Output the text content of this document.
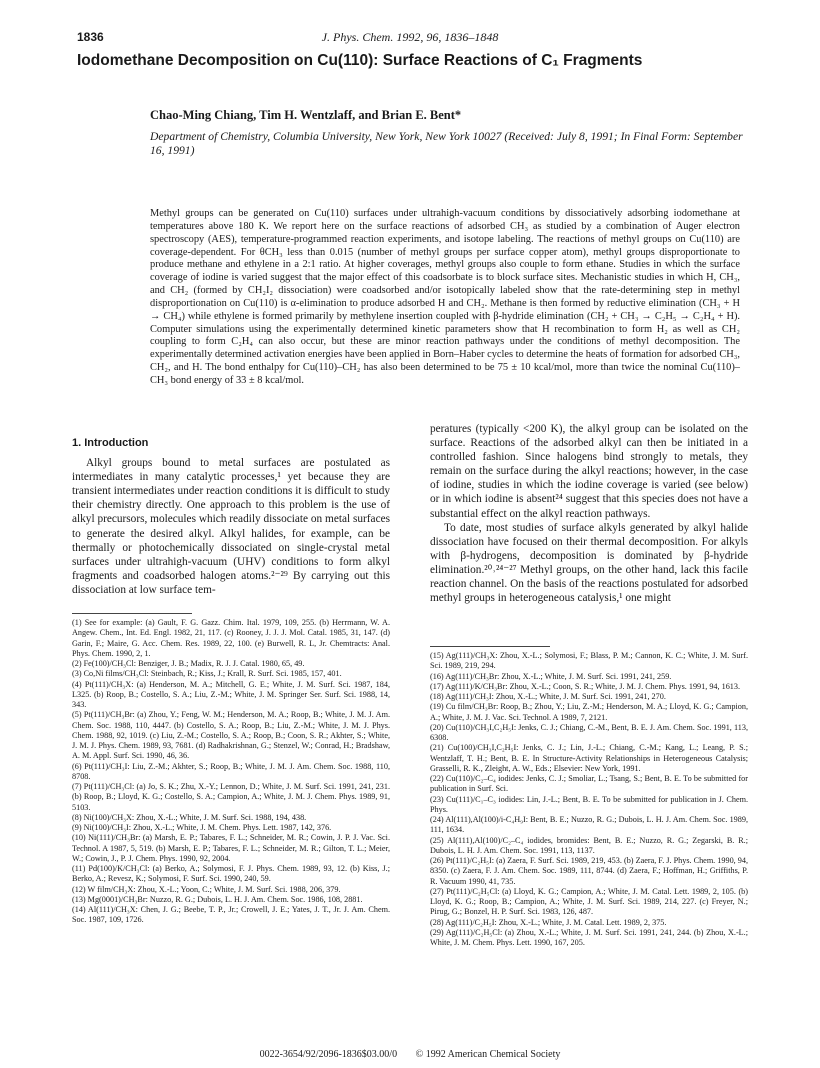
1836	J. Phys. Chem. 1992, 96, 1836–1848
Iodomethane Decomposition on Cu(110): Surface Reactions of C₁ Fragments

Chao-Ming Chiang, Tim H. Wentzlaff, and Brian E. Bent*

Department of Chemistry, Columbia University, New York, New York 10027 (Received: July 8, 1991; In Final Form: September 16, 1991)

Methyl groups can be generated on Cu(110) surfaces under ultrahigh-vacuum conditions by dissociatively adsorbing iodomethane at temperatures above 180 K. We report here on the surface reactions of adsorbed CH₃ as studied by a combination of Auger electron spectroscopy (AES), temperature-programmed reaction experiments, and isotope labeling. The reactions of methyl groups on Cu(110) are coverage-dependent. For θCH₃ less than 0.015 (number of methyl groups per surface copper atom), methyl groups disproportionate to produce methane and ethylene in a 2:1 ratio. At higher coverages, methyl groups also couple to form ethane. Studies in which the surface coverage of iodine is varied suggest that the major effect of this coadsorbate is to block surface sites. Mechanistic studies in which H, CH₃, and CH₂ (formed by CH₂I₂ dissociation) were coadsorbed and/or isotopically labeled show that the rate-determining step in methyl disproportionation on Cu(110) is α-elimination to produce adsorbed H and CH₂. Methane is then formed by reductive elimination (CH₃ + H → CH₄) while ethylene is formed primarily by methylene insertion coupled with β-hydride elimination (CH₂ + CH₃ → C₂H₅ → C₂H₄ + H). Computer simulations using the experimentally determined kinetic parameters show that H recombination to form H₂ as well as CH₂ coupling to form C₂H₄ can also occur, but these are minor reaction pathways under the conditions of methyl decomposition. The experimentally determined activation energies have been applied in Born–Haber cycles to determine the heats of formation for adsorbed CH₃, CH₂, and H. The bond enthalpy for Cu(110)–CH₂ has also been determined to be 75 ± 10 kcal/mol, more than twice the nominal Cu(110)–CH₃ bond energy of 33 ± 8 kcal/mol.

1. Introduction

Alkyl groups bound to metal surfaces are postulated as intermediates in many catalytic processes,¹ yet because they are transient intermediates under reaction conditions it is difficult to study their chemistry directly. One approach to this problem is the use of alkyl precursors, molecules which readily dissociate on metal surfaces to generate the desired alkyl. Alkyl halides, for example, can be thermally or photochemically dissociated on single-crystal metal surfaces under ultrahigh-vacuum (UHV) conditions to form alkyl fragments and coadsorbed halogen atoms.²⁻²⁹ By carrying out this dissociation at low surface tem-

peratures (typically <200 K), the alkyl group can be isolated on the surface. Reactions of the adsorbed alkyl can then be initiated in a controlled fashion. Since halogens bind strongly to metals, they remain on the surface during the alkyl reactions; however, in the case of iodine, studies in which the iodine coverage is varied (see below) or in which iodine is absent²⁴ suggest that this species does not have a substantial effect on the alkyl reaction pathways.

To date, most studies of surface alkyls generated by alkyl halide dissociation have focused on their thermal decomposition. For alkyls with β-hydrogens, decomposition is dominated by β-hydride elimination.²⁰˒²⁴⁻²⁷ Methyl groups, on the other hand, lack this facile reaction channel. On the basis of the reactions postulated for adsorbed methyl groups in heterogeneous catalysis,¹ one might

(1) See for example: (a) Gault, F. G. Gazz. Chim. Ital. 1979, 109, 255. (b) Herrmann, W. A. Angew. Chem., Int. Ed. Engl. 1982, 21, 117. (c) Rooney, J. J. J. Mol. Catal. 1985, 31, 147. (d) Garin, F.; Maire, G. Acc. Chem. Res. 1989, 22, 100. (e) Burwell, R. L, Jr. Chemtracts: Anal. Phys. Chem. 1990, 2, 1.
(2) Fe(100)/CH₃Cl: Benziger, J. B.; Madix, R. J. J. Catal. 1980, 65, 49.
(3) Co,Ni films/CH₃Cl: Steinbach, R.; Kiss, J.; Krall, R. Surf. Sci. 1985, 157, 401.
(4) Pt(111)/CH₃X: (a) Henderson, M. A.; Mitchell, G. E.; White, J. M. Surf. Sci. 1987, 184, L325. (b) Roop, B.; Costello, S. A.; Liu, Z.-M.; White, J. M. Springer Ser. Surf. Sci. 1988, 14, 343.
(5) Pt(111)/CH₃Br: (a) Zhou, Y.; Feng, W. M.; Henderson, M. A.; Roop, B.; White, J. M. J. Am. Chem. Soc. 1988, 110, 4447. (b) Costello, S. A.; Roop, B.; Liu, Z.-M.; White, J. M. J. Phys. Chem. 1988, 92, 1019. (c) Liu, Z.-M.; Costello, S. A.; Roop, B.; Coon, S. R.; Akhter, S.; White, J. M. J. Phys. Chem. 1989, 93, 7681. (d) Radhakrishnan, G.; Stenzel, W.; Conrad, H.; Bradshaw, A. M. Appl. Surf. Sci. 1990, 46, 36.
(6) Pt(111)/CH₃I: Liu, Z.-M.; Akhter, S.; Roop, B.; White, J. M. J. Am. Chem. Soc. 1988, 110, 8708.
(7) Pt(111)/CH₃Cl: (a) Jo, S. K.; Zhu, X.-Y.; Lennon, D.; White, J. M. Surf. Sci. 1991, 241, 231. (b) Roop, B.; Lloyd, K. G.; Costello, S. A.; Campion, A.; White, J. M. J. Chem. Phys. 1989, 91, 5103.
(8) Ni(100)/CH₃X: Zhou, X.-L.; White, J. M. Surf. Sci. 1988, 194, 438.
(9) Ni(100)/CH₃I: Zhou, X.-L.; White, J. M. Chem. Phys. Lett. 1987, 142, 376.
(10) Ni(111)/CH₃Br: (a) Marsh, E. P.; Tabares, F. L.; Schneider, M. R.; Cowin, J. P. J. Vac. Sci. Technol. A 1987, 5, 519. (b) Marsh, E. P.; Tabares, F. L.; Schneider, M. R.; Gilton, T. L.; Meier, W.; Cowin, J., P. J. Chem. Phys. 1990, 92, 2004.
(11) Pd(100)/K/CH₃Cl: (a) Berko, A.; Solymosi, F. J. Phys. Chem. 1989, 93, 12. (b) Kiss, J.; Berko, A.; Revesz, K.; Solymosi, F. Surf. Sci. 1990, 240, 59.
(12) W film/CH₃X: Zhou, X.-L.; Yoon, C.; White, J. M. Surf. Sci. 1988, 206, 379.
(13) Mg(0001)/CH₃Br: Nuzzo, R. G.; Dubois, L. H. J. Am. Chem. Soc. 1986, 108, 2881.
(14) Al(111)/CH₃X: Chen, J. G.; Beebe, T. P., Jr.; Crowell, J. E.; Yates, J. T., Jr. J. Am. Chem. Soc. 1987, 109, 1726.
(15) Ag(111)/CH₃X: Zhou, X.-L.; Solymosi, F.; Blass, P. M.; Cannon, K. C.; White, J. M. Surf. Sci. 1989, 219, 294.
(16) Ag(111)/CH₃Br: Zhou, X.-L.; White, J. M. Surf. Sci. 1991, 241, 259.
(17) Ag(111)/K/CH₃Br: Zhou, X.-L.; Coon, S. R.; White, J. M. J. Chem. Phys. 1991, 94, 1613.
(18) Ag(111)/CH₃I: Zhou, X.-L.; White, J. M. Surf. Sci. 1991, 241, 270.
(19) Cu film/CH₃Br: Roop, B.; Zhou, Y.; Liu, Z.-M.; Henderson, M. A.; Lloyd, K. G.; Campion, A.; White, J. M. J. Vac. Sci. Technol. A 1989, 7, 2121.
(20) Cu(110)/CH₃I,C₂H₅I: Jenks, C. J.; Chiang, C.-M., Bent, B. E. J. Am. Chem. Soc. 1991, 113, 6308.
(21) Cu(100)/CH₃I,C₂H₅I: Jenks, C. J.; Lin, J.-L.; Chiang, C.-M.; Kang, L.; Leang, P. S.; Wentzlaff, T. H.; Bent, B. E. In Structure-Activity Relationships in Heterogeneous Catalysis; Grasselli, R. K., Zleight, A. W., Eds.; Elsevier: New York, 1991.
(22) Cu(110)/C₂–C₄ iodides: Jenks, C. J.; Smoliar, L.; Tsang, S.; Bent, B. E. To be submitted for publication in Surf. Sci.
(23) Cu(111)/C₁–C₃ iodides: Lin, J.-L.; Bent, B. E. To be submitted for publication in J. Chem. Phys.
(24) Al(111),Al(100)/i-C₄H₉I: Bent, B. E.; Nuzzo, R. G.; Dubois, L. H. J. Am. Chem. Soc. 1989, 111, 1634.
(25) Al(111),Al(100)/C₂–C₄ iodides, bromides: Bent, B. E.; Nuzzo, R. G.; Zegarski, B. R.; Dubois, L. H. J. Am. Chem. Soc. 1991, 113, 1137.
(26) Pt(111)/C₂H₅I: (a) Zaera, F. Surf. Sci. 1989, 219, 453. (b) Zaera, F. J. Phys. Chem. 1990, 94, 8350. (c) Zaera, F. J. Am. Chem. Soc. 1989, 111, 8744. (d) Zaera, F.; Hoffman, H.; Griffiths, P. R. Vacuum 1990, 41, 735.
(27) Pt(111)/C₂H₅Cl: (a) Lloyd, K. G.; Campion, A.; White, J. M. Catal. Lett. 1989, 2, 105. (b) Lloyd, K. G.; Roop, B.; Campion, A.; White, J. M. Surf. Sci. 1989, 214, 227. (c) Freyer, N.; Pirug, G.; Bonzel, H. P. Surf. Sci. 1983, 126, 487.
(28) Ag(111)/C₂H₅I: Zhou, X.-L.; White, J. M. Catal. Lett. 1989, 2, 375.
(29) Ag(111)/C₂H₅Cl: (a) Zhou, X.-L.; White, J. M. Surf. Sci. 1991, 241, 244. (b) Zhou, X.-L.; White, J. M. Chem. Phys. Lett. 1990, 167, 205.
0022-3654/92/2096-1836$03.00/0 © 1992 American Chemical Society
